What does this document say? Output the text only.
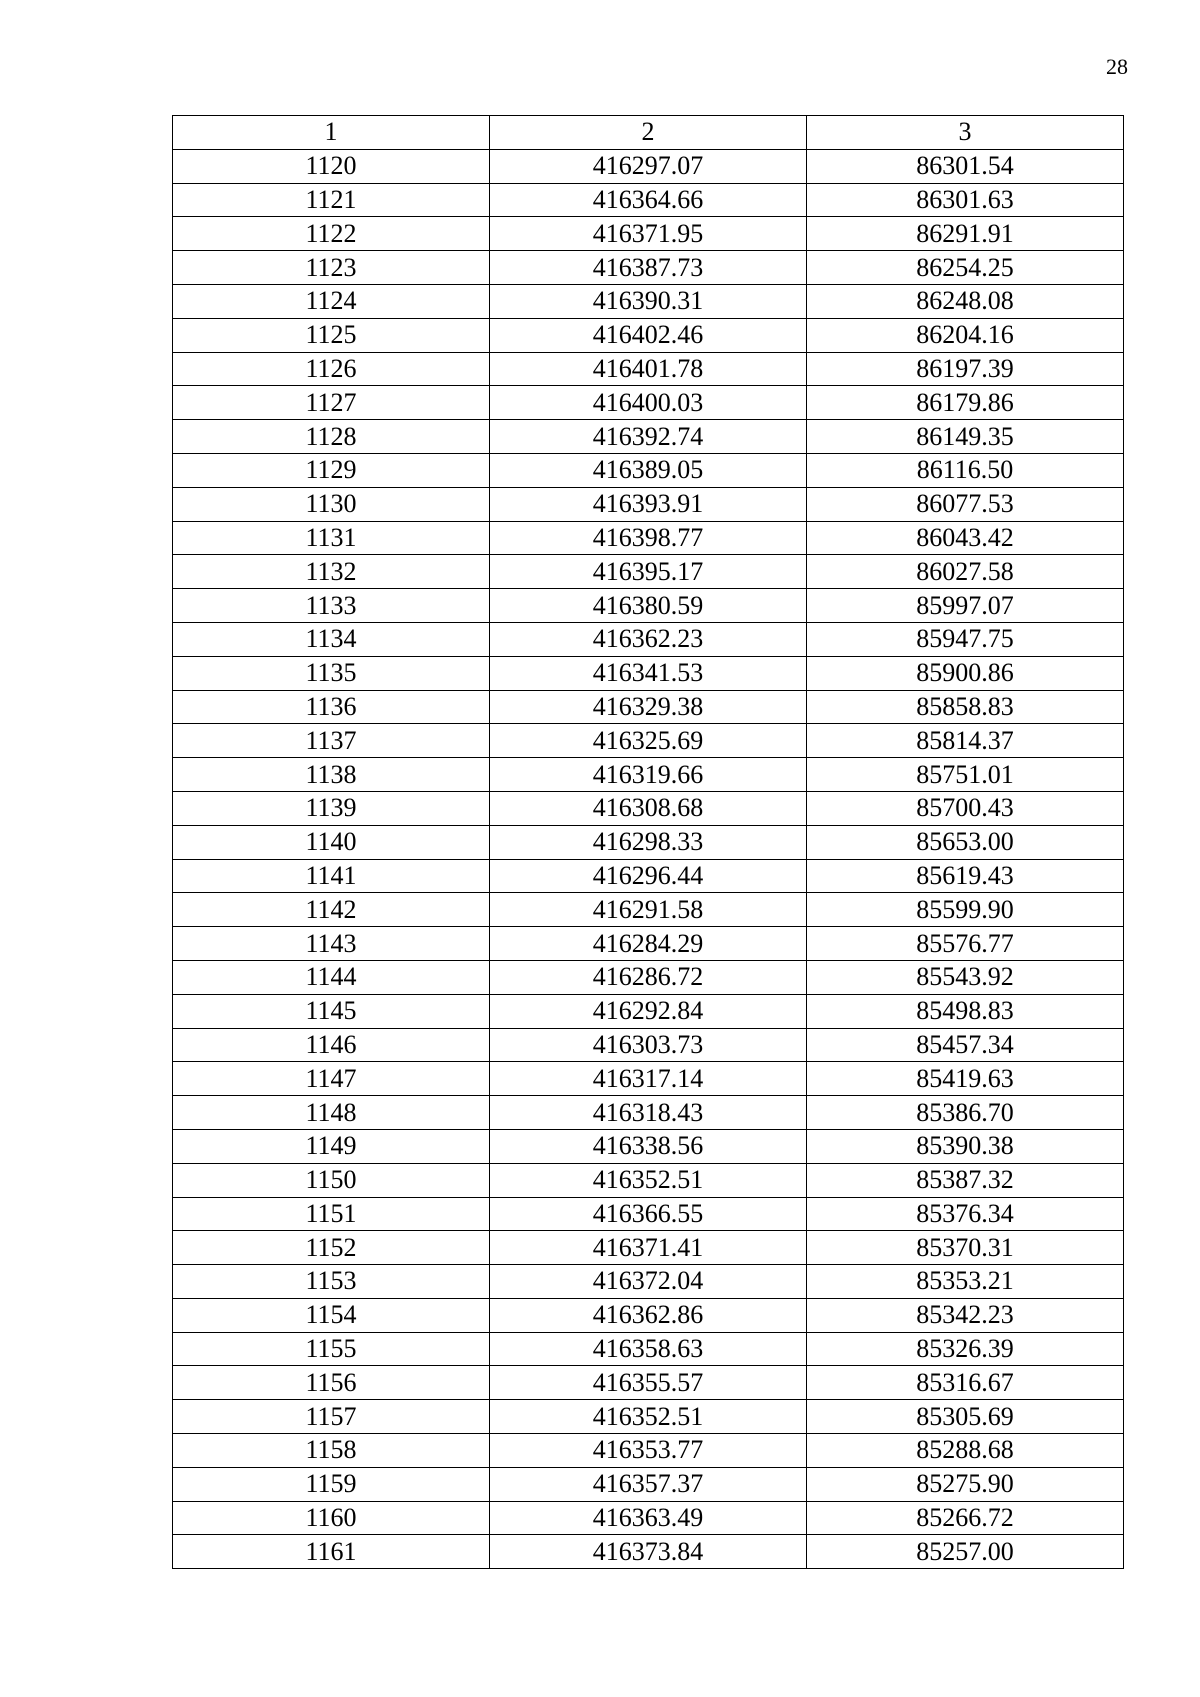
28
1	2	3
1120	416297.07	86301.54
1121	416364.66	86301.63
1122	416371.95	86291.91
1123	416387.73	86254.25
1124	416390.31	86248.08
1125	416402.46	86204.16
1126	416401.78	86197.39
1127	416400.03	86179.86
1128	416392.74	86149.35
1129	416389.05	86116.50
1130	416393.91	86077.53
1131	416398.77	86043.42
1132	416395.17	86027.58
1133	416380.59	85997.07
1134	416362.23	85947.75
1135	416341.53	85900.86
1136	416329.38	85858.83
1137	416325.69	85814.37
1138	416319.66	85751.01
1139	416308.68	85700.43
1140	416298.33	85653.00
1141	416296.44	85619.43
1142	416291.58	85599.90
1143	416284.29	85576.77
1144	416286.72	85543.92
1145	416292.84	85498.83
1146	416303.73	85457.34
1147	416317.14	85419.63
1148	416318.43	85386.70
1149	416338.56	85390.38
1150	416352.51	85387.32
1151	416366.55	85376.34
1152	416371.41	85370.31
1153	416372.04	85353.21
1154	416362.86	85342.23
1155	416358.63	85326.39
1156	416355.57	85316.67
1157	416352.51	85305.69
1158	416353.77	85288.68
1159	416357.37	85275.90
1160	416363.49	85266.72
1161	416373.84	85257.00
